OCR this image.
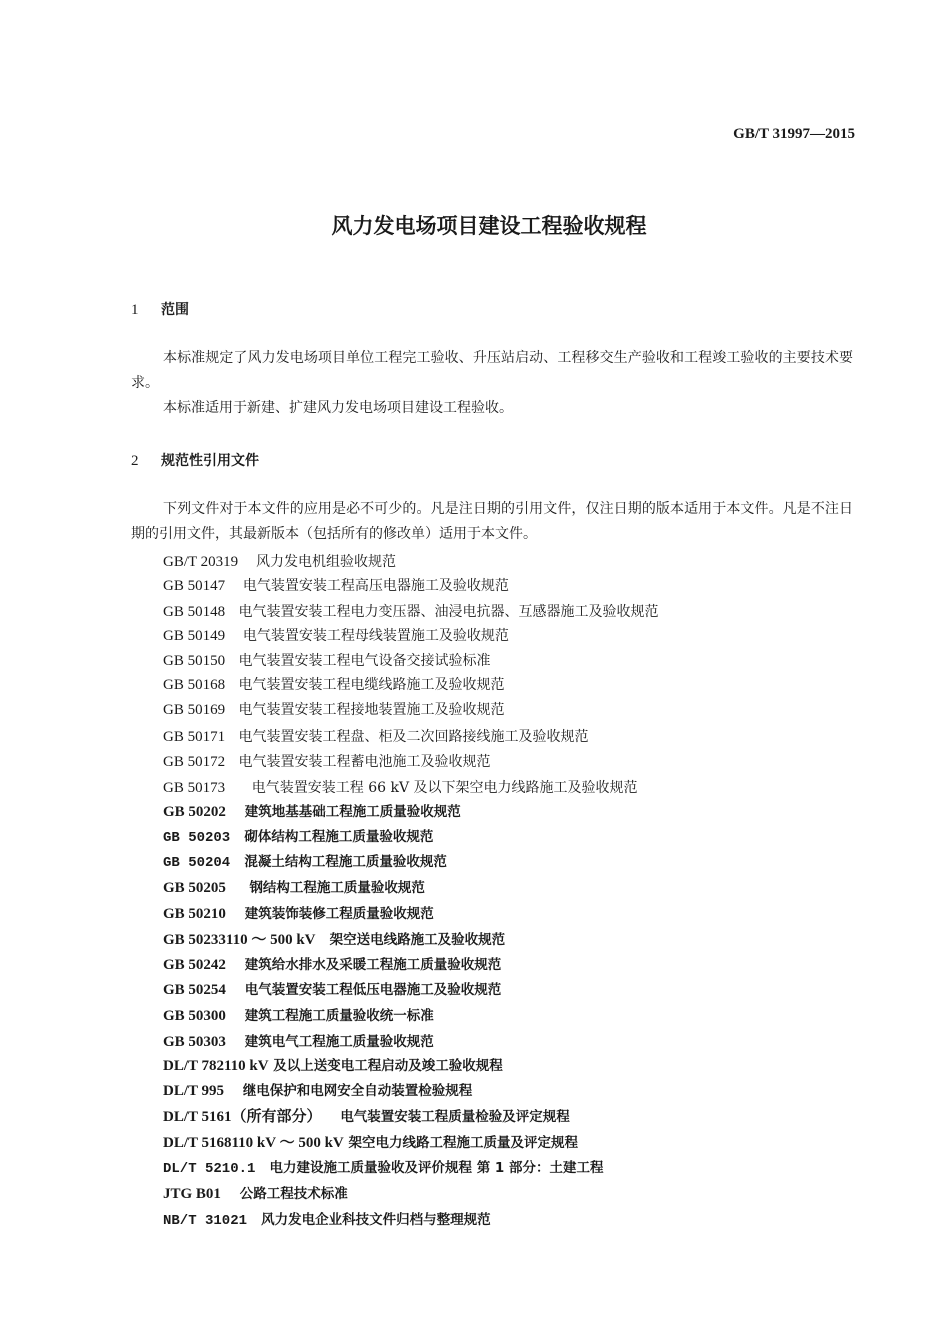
GB/T 31997—2015
风力发电场项目建设工程验收规程
1 范围
本标准规定了风力发电场项目单位工程完工验收、升压站启动、工程移交生产验收和工程竣工验收的主要技术要求。
本标准适用于新建、扩建风力发电场项目建设工程验收。
2 规范性引用文件
下列文件对于本文件的应用是必不可少的。凡是注日期的引用文件，仅注日期的版本适用于本文件。凡是不注日期的引用文件，其最新版本（包括所有的修改单）适用于本文件。
GB/T 20319 风力发电机组验收规范
GB 50147 电气装置安装工程高压电器施工及验收规范
GB 50148 电气装置安装工程电力变压器、油浸电抗器、互感器施工及验收规范
GB 50149 电气装置安装工程母线装置施工及验收规范
GB 50150 电气装置安装工程电气设备交接试验标准
GB 50168 电气装置安装工程电缆线路施工及验收规范
GB 50169 电气装置安装工程接地装置施工及验收规范
GB 50171 电气装置安装工程盘、柜及二次回路接线施工及验收规范
GB 50172 电气装置安装工程蓄电池施工及验收规范
GB 50173 电气装置安装工程 66 kV 及以下架空电力线路施工及验收规范
GB 50202 建筑地基基础工程施工质量验收规范
GB 50203 砌体结构工程施工质量验收规范
GB 50204 混凝土结构工程施工质量验收规范
GB 50205 钢结构工程施工质量验收规范
GB 50210 建筑装饰装修工程质量验收规范
GB 50233110 ～ 500 kV 架空送电线路施工及验收规范
GB 50242 建筑给水排水及采暖工程施工质量验收规范
GB 50254 电气装置安装工程低压电器施工及验收规范
GB 50300 建筑工程施工质量验收统一标准
GB 50303 建筑电气工程施工质量验收规范
DL/T 782110 kV 及以上送变电工程启动及竣工验收规程
DL/T 995 继电保护和电网安全自动装置检验规程
DL/T 5161（所有部分） 电气装置安装工程质量检验及评定规程
DL/T 5168110 kV ～ 500 kV 架空电力线路工程施工质量及评定规程
DL/T 5210.1 电力建设施工质量验收及评价规程 第 1 部分：土建工程
JTG B01 公路工程技术标准
NB/T 31021 风力发电企业科技文件归档与整理规范
